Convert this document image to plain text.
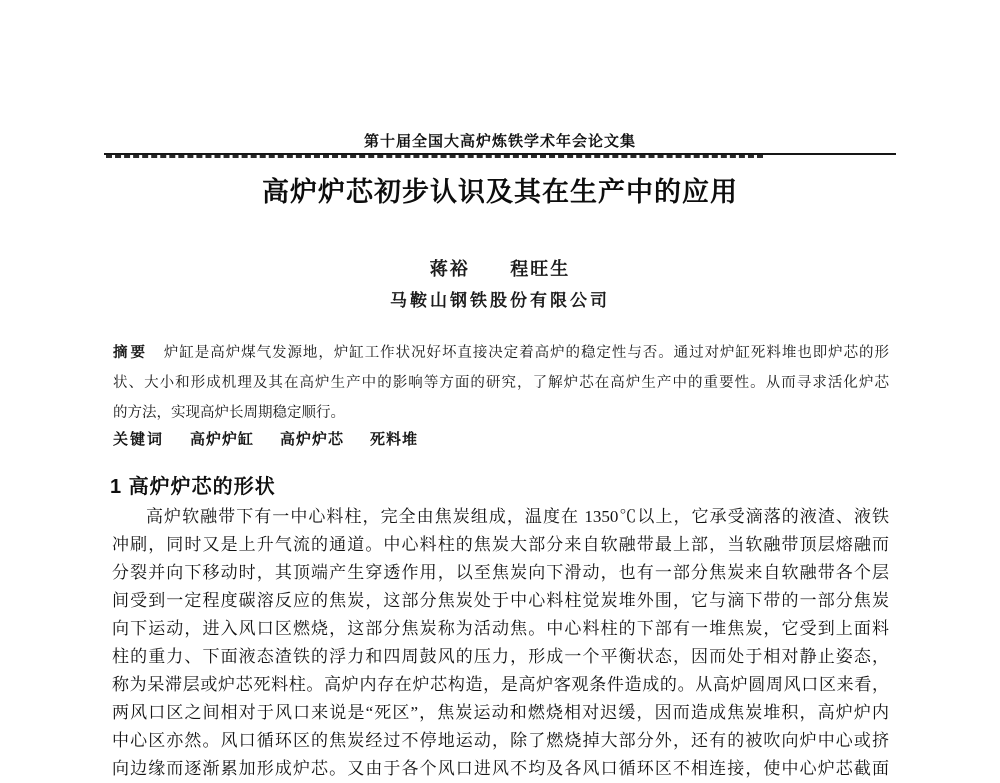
第十届全国大高炉炼铁学术年会论文集
高炉炉芯初步认识及其在生产中的应用
蒋裕 程旺生
马鞍山钢铁股份有限公司
摘要 炉缸是高炉煤气发源地，炉缸工作状况好坏直接决定着高炉的稳定性与否。通过对炉缸死料堆也即炉芯的形
状、大小和形成机理及其在高炉生产中的影响等方面的研究，了解炉芯在高炉生产中的重要性。从而寻求活化炉芯
的方法，实现高炉长周期稳定顺行。
关键词 高炉炉缸 高炉炉芯 死料堆
1 高炉炉芯的形状
高炉软融带下有一中心料柱，完全由焦炭组成，温度在 1350℃以上，它承受滴落的液渣、液铁
冲刷，同时又是上升气流的通道。中心料柱的焦炭大部分来自软融带最上部，当软融带顶层熔融而
分裂并向下移动时，其顶端产生穿透作用，以至焦炭向下滑动，也有一部分焦炭来自软融带各个层
间受到一定程度碳溶反应的焦炭，这部分焦炭处于中心料柱觉炭堆外围，它与滴下带的一部分焦炭
向下运动，进入风口区燃烧，这部分焦炭称为活动焦。中心料柱的下部有一堆焦炭，它受到上面料
柱的重力、下面液态渣铁的浮力和四周鼓风的压力，形成一个平衡状态，因而处于相对静止姿态，
称为呆滞层或炉芯死料柱。高炉内存在炉芯构造，是高炉客观条件造成的。从高炉圆周风口区来看，
两风口区之间相对于风口来说是“死区”，焦炭运动和燃烧相对迟缓，因而造成焦炭堆积，高炉炉内
中心区亦然。风口循环区的焦炭经过不停地运动，除了燃烧掉大部分外，还有的被吹向炉中心或挤
向边缘而逐渐累加形成炉芯。又由于各个风口进风不均及各风口循环区不相连接，使中心炉芯截面
